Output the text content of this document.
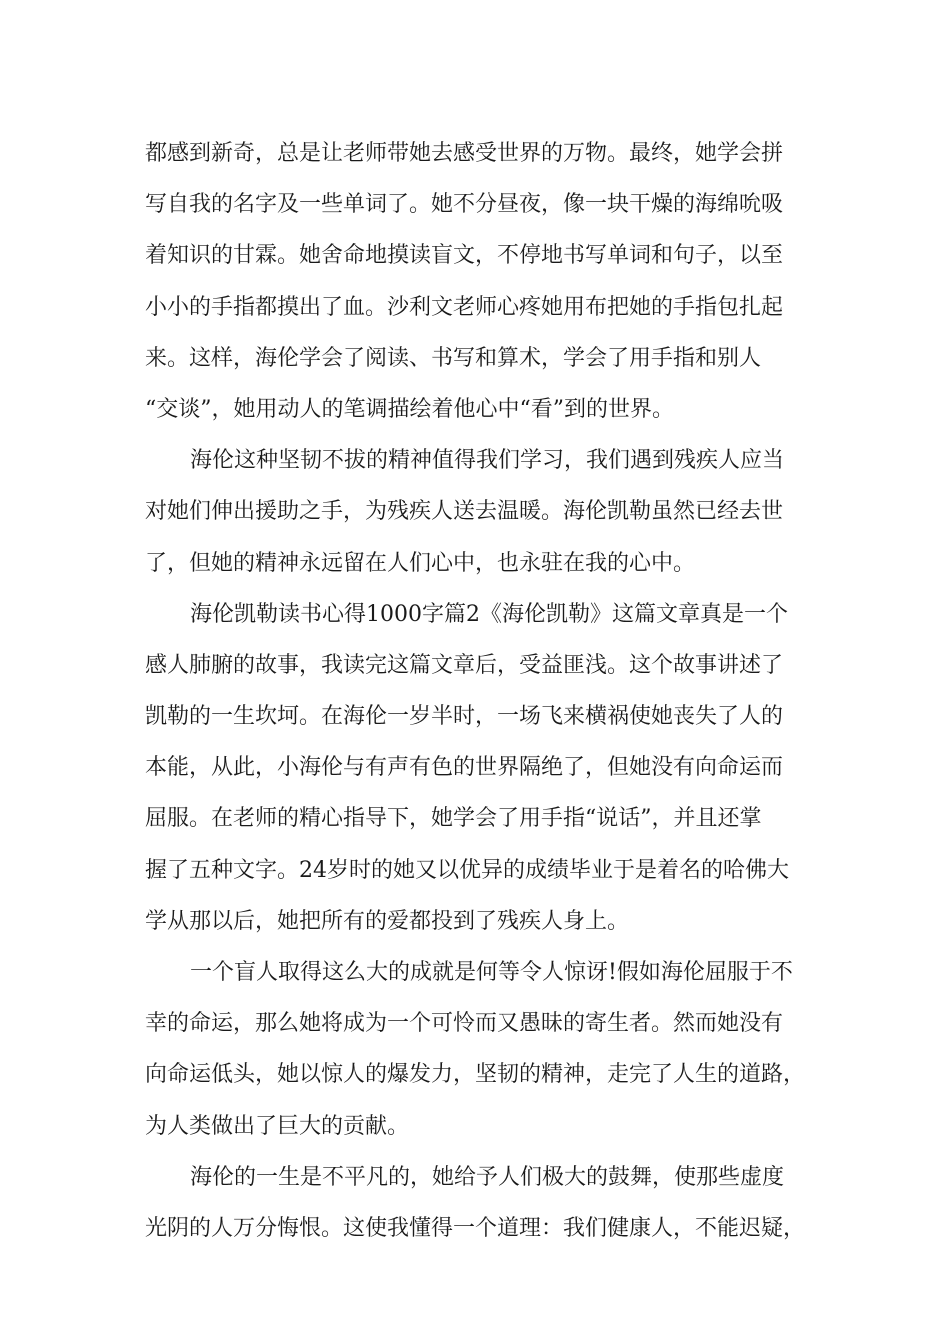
都感到新奇，总是让老师带她去感受世界的万物。最终，她学会拼
写自我的名字及一些单词了。她不分昼夜，像一块干燥的海绵吮吸
着知识的甘霖。她舍命地摸读盲文，不停地书写单词和句子，以至
小小的手指都摸出了血。沙利文老师心疼她用布把她的手指包扎起
来。这样，海伦学会了阅读、书写和算术，学会了用手指和别人
“交谈”，她用动人的笔调描绘着他心中“看”到的世界。
海伦这种坚韧不拔的精神值得我们学习，我们遇到残疾人应当
对她们伸出援助之手，为残疾人送去温暖。海伦凯勒虽然已经去世
了，但她的精神永远留在人们心中，也永驻在我的心中。
海伦凯勒读书心得1000字篇2《海伦凯勒》这篇文章真是一个
感人肺腑的故事，我读完这篇文章后，受益匪浅。这个故事讲述了
凯勒的一生坎坷。在海伦一岁半时，一场飞来横祸使她丧失了人的
本能，从此，小海伦与有声有色的世界隔绝了，但她没有向命运而
屈服。在老师的精心指导下，她学会了用手指“说话”，并且还掌
握了五种文字。24岁时的她又以优异的成绩毕业于是着名的哈佛大
学从那以后，她把所有的爱都投到了残疾人身上。
一个盲人取得这么大的成就是何等令人惊讶!假如海伦屈服于不
幸的命运，那么她将成为一个可怜而又愚昧的寄生者。然而她没有
向命运低头，她以惊人的爆发力，坚韧的精神，走完了人生的道路，
为人类做出了巨大的贡献。
海伦的一生是不平凡的，她给予人们极大的鼓舞，使那些虚度
光阴的人万分悔恨。这使我懂得一个道理：我们健康人，不能迟疑，
